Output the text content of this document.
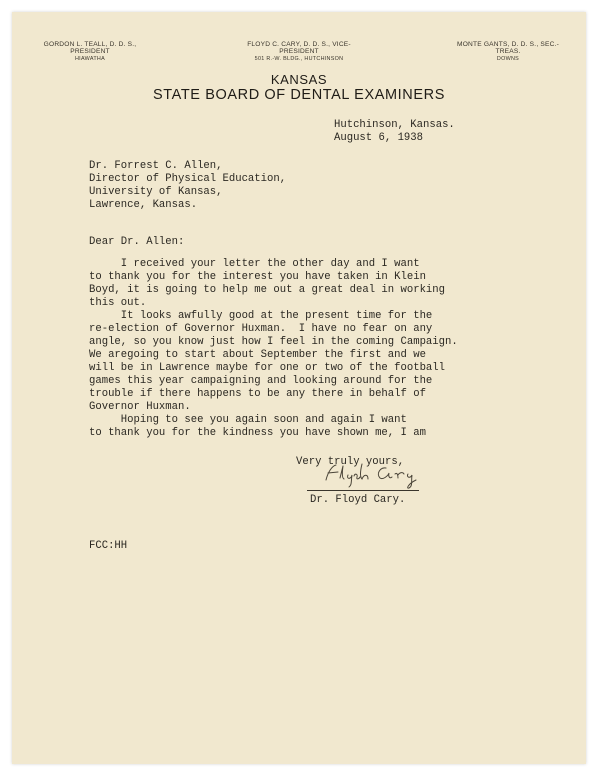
GORDON L. TEALL, D. D. S., PRESIDENT
HIAWATHA
FLOYD C. CARY, D. D. S., VICE-PRESIDENT
501 R.-W. BLDG., HUTCHINSON
MONTE GANTS, D. D. S., SEC.-TREAS.
DOWNS
KANSAS
STATE BOARD OF DENTAL EXAMINERS
Hutchinson, Kansas.
August 6, 1938
Dr. Forrest C. Allen,
Director of Physical Education,
University of Kansas,
Lawrence, Kansas.
Dear Dr. Allen:
I received your letter the other day and I want
to thank you for the interest you have taken in Klein
Boyd, it is going to help me out a great deal in working
this out.
It looks awfully good at the present time for the
re-election of Governor Huxman.  I have no fear on any
angle, so you know just how I feel in the coming Campaign.
We aregoing to start about September the first and we
will be in Lawrence maybe for one or two of the football
games this year campaigning and looking around for the
trouble if there happens to be any there in behalf of
Governor Huxman.
Hoping to see you again soon and again I want
to thank you for the kindness you have shown me, I am
Very truly yours,
Dr. Floyd Cary.
FCC:HH
